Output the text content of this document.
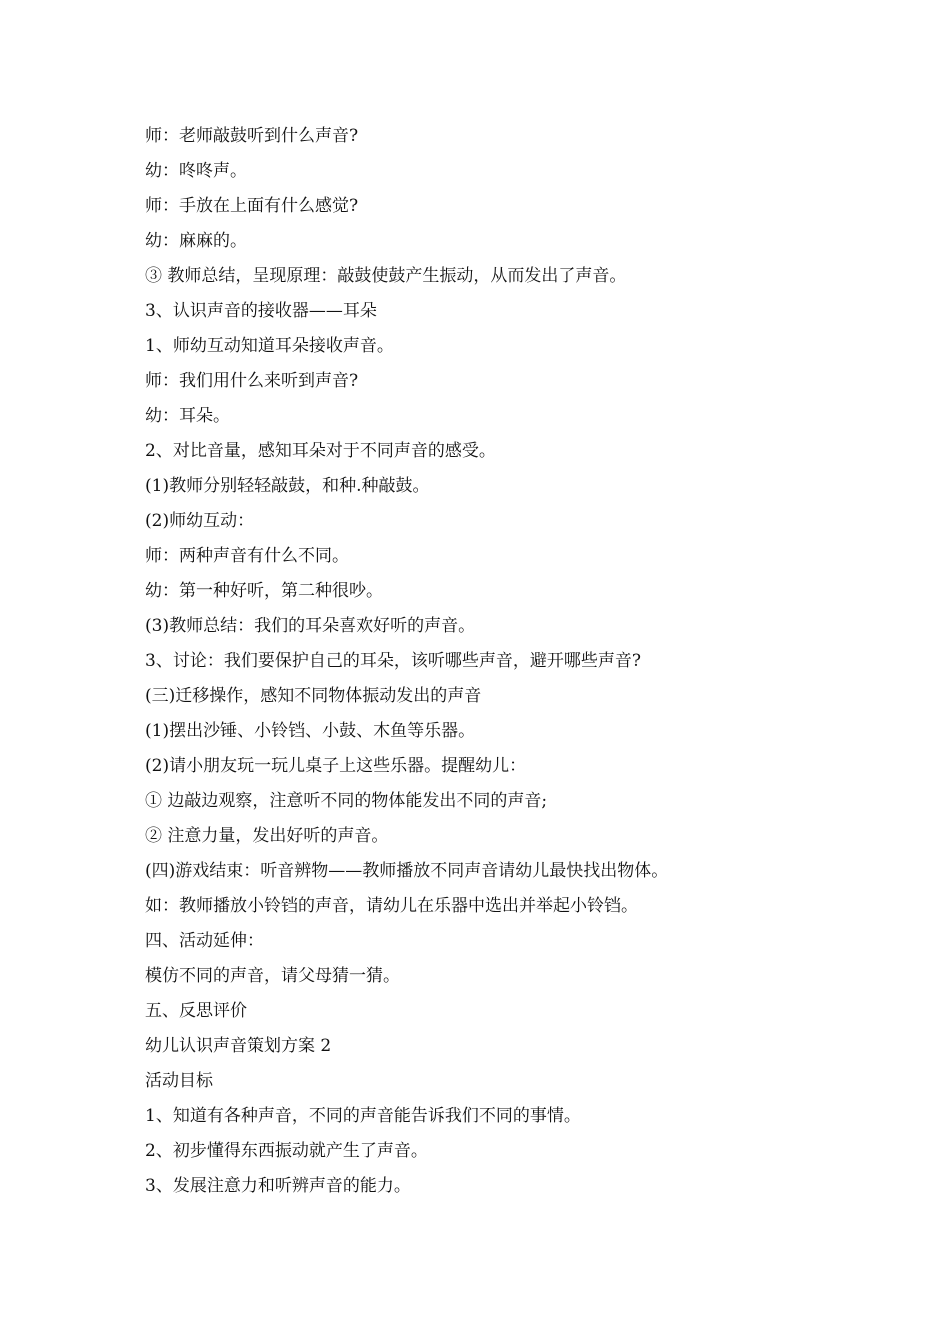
师：老师敲鼓听到什么声音?

幼：咚咚声。

师：手放在上面有什么感觉?

幼：麻麻的。

③ 教师总结，呈现原理：敲鼓使鼓产生振动，从而发出了声音。

3、认识声音的接收器——耳朵

1、师幼互动知道耳朵接收声音。

师：我们用什么来听到声音?

幼：耳朵。

2、对比音量，感知耳朵对于不同声音的感受。

(1)教师分别轻轻敲鼓，和种.种敲鼓。

(2)师幼互动：

师：两种声音有什么不同。

幼：第一种好听，第二种很吵。

(3)教师总结：我们的耳朵喜欢好听的声音。

3、讨论：我们要保护自己的耳朵，该听哪些声音，避开哪些声音?

(三)迁移操作，感知不同物体振动发出的声音

(1)摆出沙锤、小铃铛、小鼓、木鱼等乐器。

(2)请小朋友玩一玩儿桌子上这些乐器。提醒幼儿：

① 边敲边观察，注意听不同的物体能发出不同的声音;

② 注意力量，发出好听的声音。

(四)游戏结束：听音辨物——教师播放不同声音请幼儿最快找出物体。

如：教师播放小铃铛的声音，请幼儿在乐器中选出并举起小铃铛。

四、活动延伸：

模仿不同的声音，请父母猜一猜。

五、反思评价

幼儿认识声音策划方案 2

活动目标

1、知道有各种声音，不同的声音能告诉我们不同的事情。

2、初步懂得东西振动就产生了声音。

3、发展注意力和听辨声音的能力。
